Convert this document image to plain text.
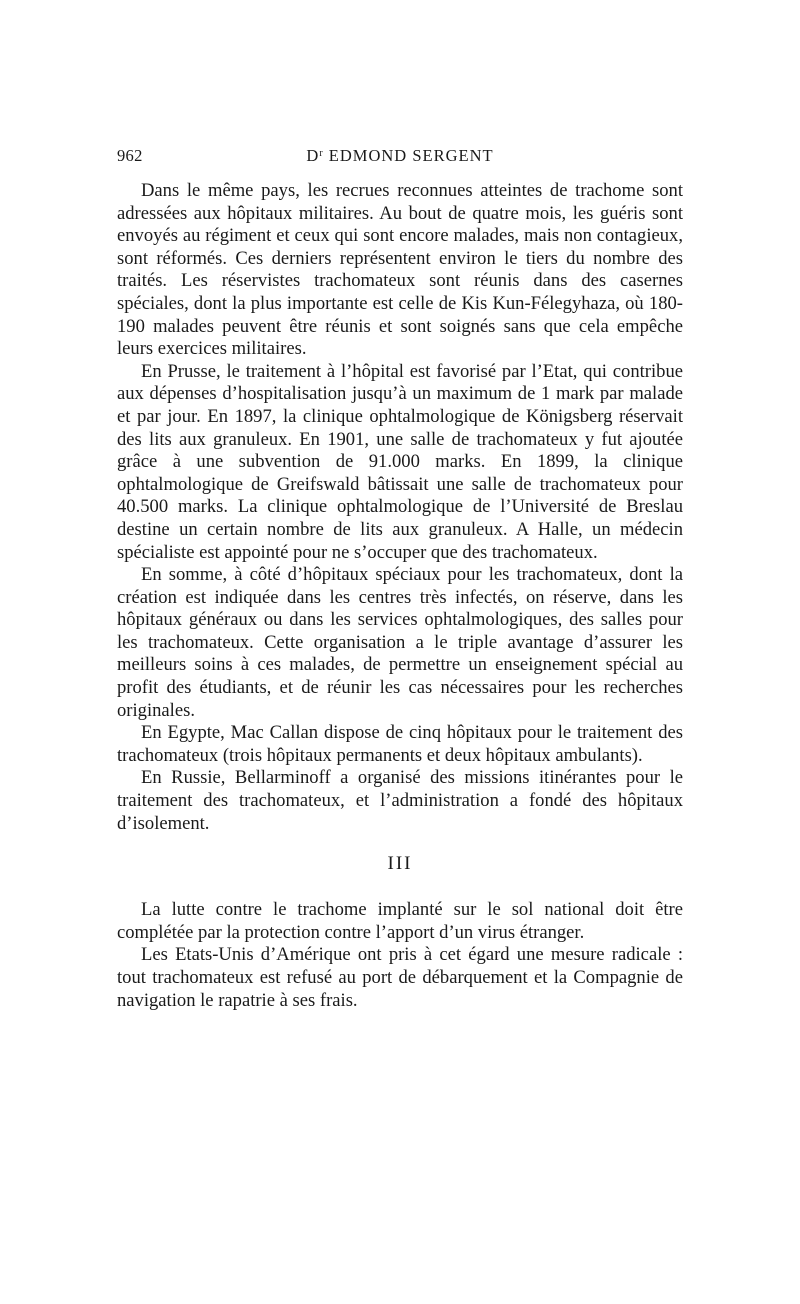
962	$D^r$ EDMOND SERGENT

Dans le même pays, les recrues reconnues atteintes de trachome sont adressées aux hôpitaux militaires. Au bout de quatre mois, les guéris sont envoyés au régiment et ceux qui sont encore malades, mais non contagieux, sont réformés. Ces derniers représentent environ le tiers du nombre des traités. Les réservistes trachomateux sont réunis dans des casernes spéciales, dont la plus importante est celle de Kis Kun-Félegyhaza, où 180-190 malades peuvent être réunis et sont soignés sans que cela empêche leurs exercices militaires.

En Prusse, le traitement à l’hôpital est favorisé par l’Etat, qui contribue aux dépenses d’hospitalisation jusqu’à un maximum de 1 mark par malade et par jour. En 1897, la clinique ophtalmologique de Königsberg réservait des lits aux granuleux. En 1901, une salle de trachomateux y fut ajoutée grâce à une subvention de 91.000 marks. En 1899, la clinique ophtalmologique de Greifswald bâtissait une salle de trachomateux pour 40.500 marks. La clinique ophtalmologique de l’Université de Breslau destine un certain nombre de lits aux granuleux. A Halle, un médecin spécialiste est appointé pour ne s’occuper que des trachomateux.

En somme, à côté d’hôpitaux spéciaux pour les trachomateux, dont la création est indiquée dans les centres très infectés, on réserve, dans les hôpitaux généraux ou dans les services ophtalmologiques, des salles pour les trachomateux. Cette organisation a le triple avantage d’assurer les meilleurs soins à ces malades, de permettre un enseignement spécial au profit des étudiants, et de réunir les cas nécessaires pour les recherches originales.

En Egypte, Mac Callan dispose de cinq hôpitaux pour le traitement des trachomateux (trois hôpitaux permanents et deux hôpitaux ambulants).

En Russie, Bellarminoff a organisé des missions itinérantes pour le traitement des trachomateux, et l’administration a fondé des hôpitaux d’isolement.

III

La lutte contre le trachome implanté sur le sol national doit être complétée par la protection contre l’apport d’un virus étranger.

Les Etats-Unis d’Amérique ont pris à cet égard une mesure radicale : tout trachomateux est refusé au port de débarquement et la Compagnie de navigation le rapatrie à ses frais.
